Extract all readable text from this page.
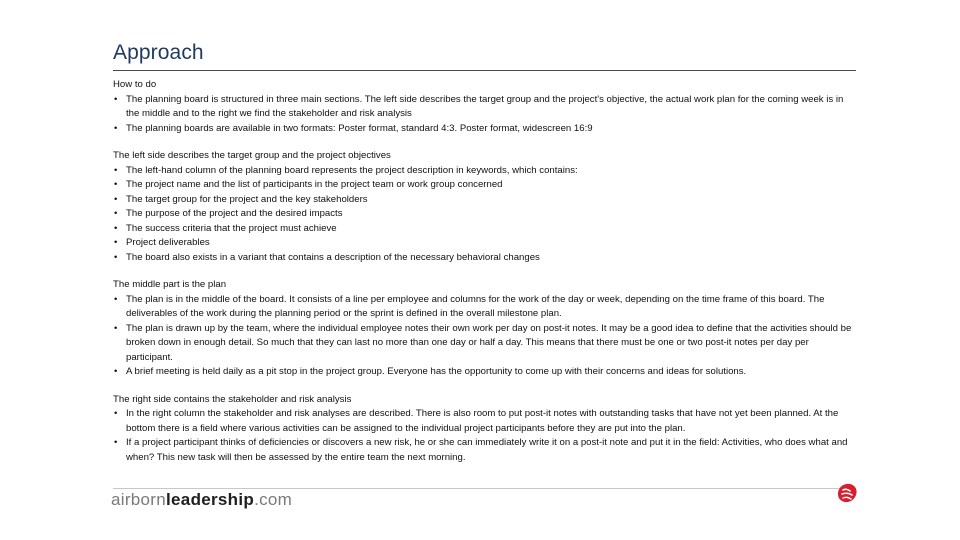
Approach
How to do
• The planning board is structured in three main sections. The left side describes the target group and the project's objective, the actual work plan for the coming week is in the middle and to the right we find the stakeholder and risk analysis
• The planning boards are available in two formats: Poster format, standard 4:3. Poster format, widescreen 16:9
The left side describes the target group and the project objectives
• The left-hand column of the planning board represents the project description in keywords, which contains:
• The project name and the list of participants in the project team or work group concerned
• The target group for the project and the key stakeholders
• The purpose of the project and the desired impacts
• The success criteria that the project must achieve
• Project deliverables
• The board also exists in a variant that contains a description of the necessary behavioral changes
The middle part is the plan
• The plan is in the middle of the board. It consists of a line per employee and columns for the work of the day or week, depending on the time frame of this board. The deliverables of the work during the planning period or the sprint is defined in the overall milestone plan.
• The plan is drawn up by the team, where the individual employee notes their own work per day on post-it notes. It may be a good idea to define that the activities should be broken down in enough detail. So much that they can last no more than one day or half a day. This means that there must be one or two post-it notes per day per participant.
• A brief meeting is held daily as a pit stop in the project group. Everyone has the opportunity to come up with their concerns and ideas for solutions.
The right side contains the stakeholder and risk analysis
• In the right column the stakeholder and risk analyses are described. There is also room to put post-it notes with outstanding tasks that have not yet been planned. At the bottom there is a field where various activities can be assigned to the individual project participants before they are put into the plan.
• If a project participant thinks of deficiencies or discovers a new risk, he or she can immediately write it on a post-it note and put it in the field: Activities, who does what and when? This new task will then be assessed by the entire team the next morning.
airbornleadership.com
